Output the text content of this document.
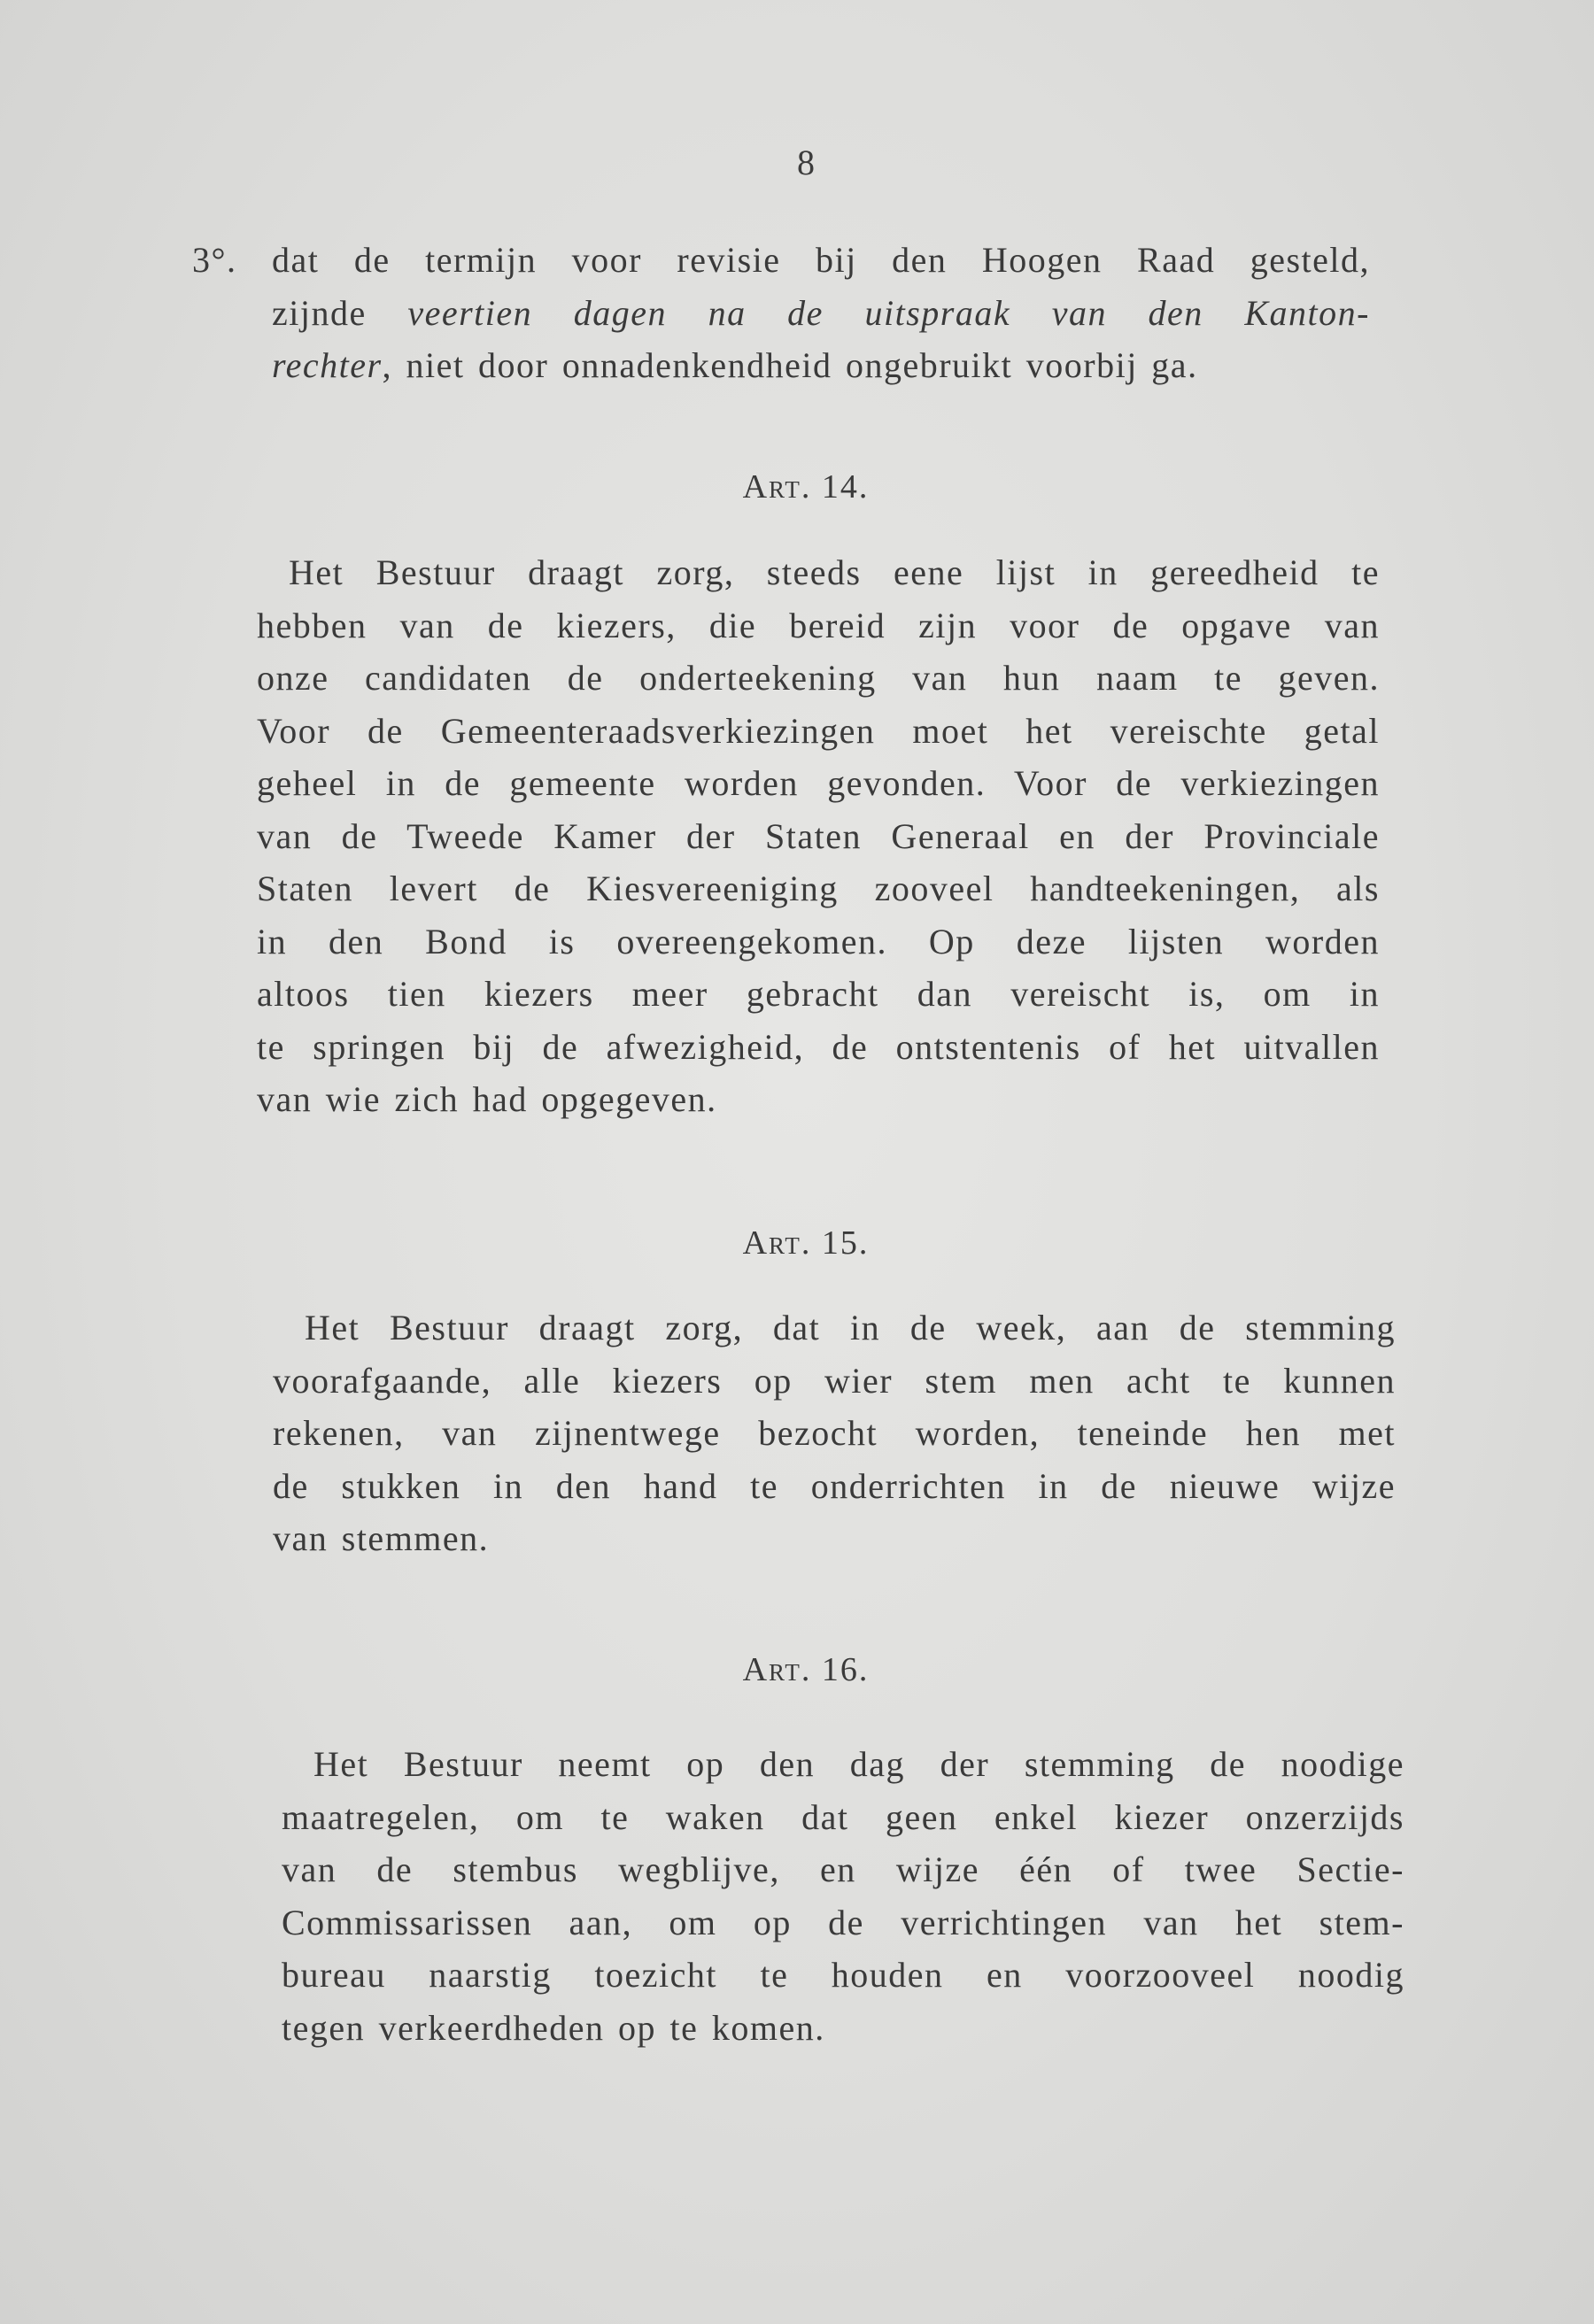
8
3°. dat de termijn voor revisie bij den Hoogen Raad gesteld,
zijnde veertien dagen na de uitspraak van den Kanton-
rechter, niet door onnadenkendheid ongebruikt voorbij ga.
Art. 14.
Het Bestuur draagt zorg, steeds eene lijst in gereedheid te
hebben van de kiezers, die bereid zijn voor de opgave van
onze candidaten de onderteekening van hun naam te geven.
Voor de Gemeenteraadsverkiezingen moet het vereischte getal
geheel in de gemeente worden gevonden. Voor de verkiezingen
van de Tweede Kamer der Staten Generaal en der Provinciale
Staten levert de Kiesvereeniging zooveel handteekeningen, als
in den Bond is overeengekomen. Op deze lijsten worden
altoos tien kiezers meer gebracht dan vereischt is, om in
te springen bij de afwezigheid, de ontstentenis of het uitvallen
van wie zich had opgegeven.
Art. 15.
Het Bestuur draagt zorg, dat in de week, aan de stemming
voorafgaande, alle kiezers op wier stem men acht te kunnen
rekenen, van zijnentwege bezocht worden, teneinde hen met
de stukken in den hand te onderrichten in de nieuwe wijze
van stemmen.
Art. 16.
Het Bestuur neemt op den dag der stemming de noodige
maatregelen, om te waken dat geen enkel kiezer onzerzijds
van de stembus wegblijve, en wijze één of twee Sectie-
Commissarissen aan, om op de verrichtingen van het stem-
bureau naarstig toezicht te houden en voorzooveel noodig
tegen verkeerdheden op te komen.
